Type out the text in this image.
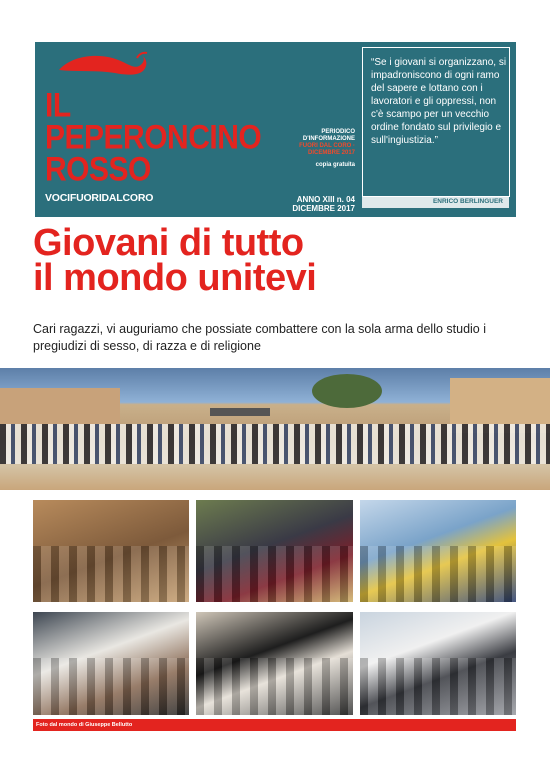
IL
PEPERONCINO
ROSSO
VOCIFUORIDALCORO
PERIODICO
D'INFORMAZIONE
FUORI DAL CORO · DICEMBRE 2017
copia gratuita
ANNO XIII n. 04
DICEMBRE 2017
“Se i giovani si organizzano, si impadroniscono di ogni ramo del sapere e lottano con i lavoratori e gli oppressi, non c'è scampo per un vecchio ordine fondato sul privilegio e sull'ingiustizia.”
ENRICO BERLINGUER
Giovani di tutto
il mondo unitevi
Cari ragazzi, vi auguriamo che possiate combattere con la sola arma dello studio i pregiudizi di sesso, di razza e di religione
Foto dal mondo di Giuseppe Bellutto
